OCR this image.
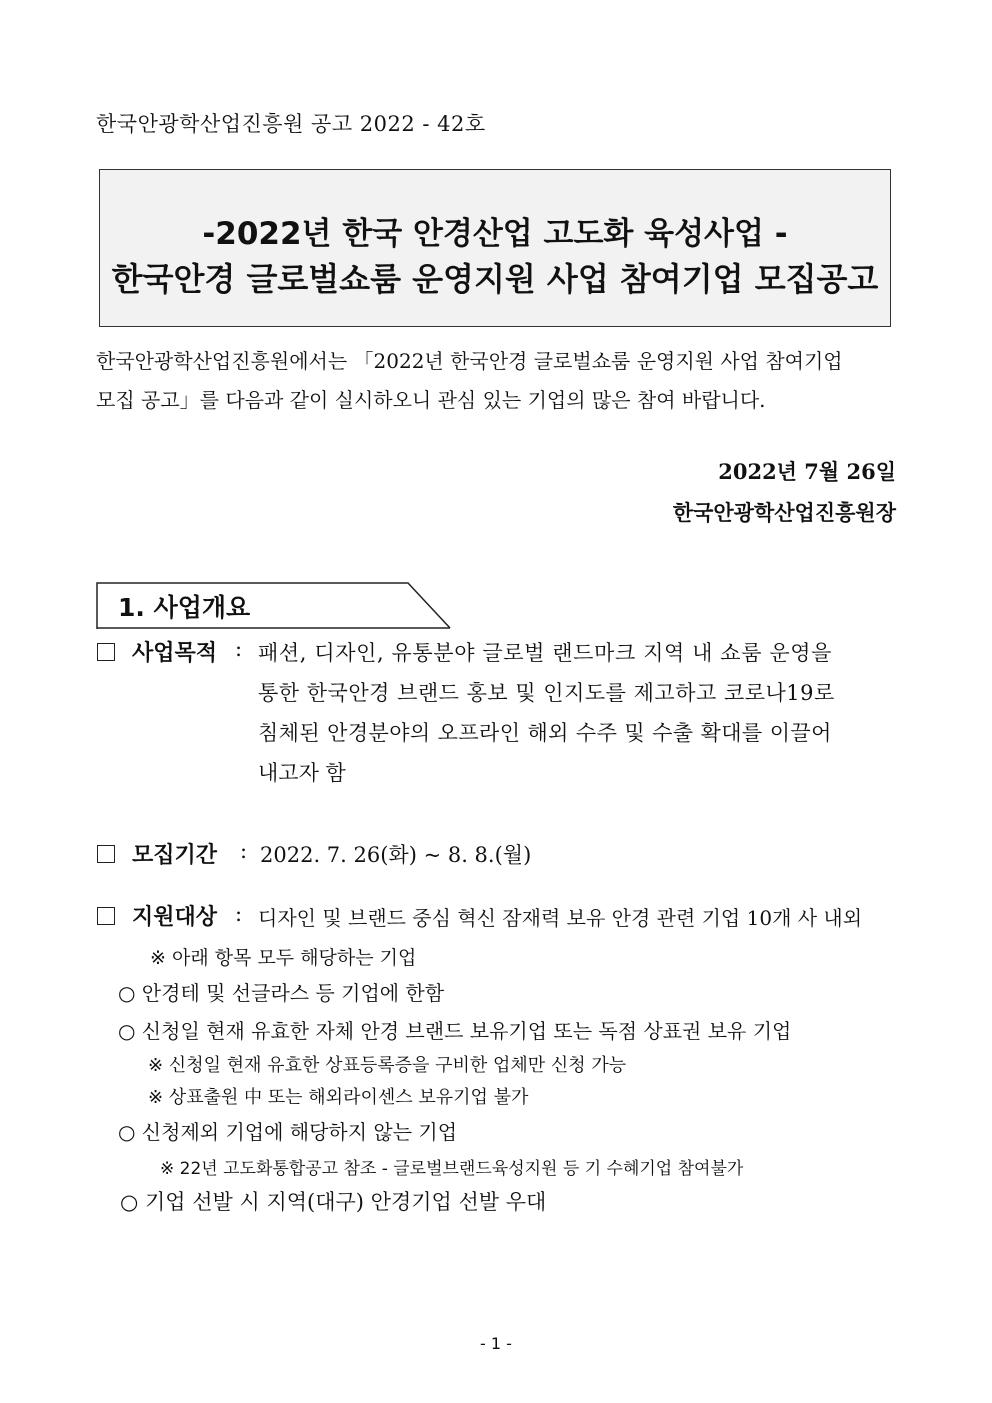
한국안광학산업진흥원 공고 2022 - 42호
-2022년 한국 안경산업 고도화 육성사업 -
한국안경 글로벌쇼룸 운영지원 사업 참여기업 모집공고
한국안광학산업진흥원에서는 「2022년 한국안경 글로벌쇼룸 운영지원 사업 참여기업
모집 공고」를 다음과 같이 실시하오니 관심 있는 기업의 많은 참여 바랍니다.
2022년 7월 26일
한국안광학산업진흥원장
1. 사업개요
사업목적 : 패션, 디자인, 유통분야 글로벌 랜드마크 지역 내 쇼룸 운영을
통한 한국안경 브랜드 홍보 및 인지도를 제고하고 코로나19로
침체된 안경분야의 오프라인 해외 수주 및 수출 확대를 이끌어
내고자 함
모집기간 : 2022. 7. 26(화) ~ 8. 8.(월)
지원대상 : 디자인 및 브랜드 중심 혁신 잠재력 보유 안경 관련 기업 10개 사 내외
※ 아래 항목 모두 해당하는 기업
○ 안경테 및 선글라스 등 기업에 한함
○ 신청일 현재 유효한 자체 안경 브랜드 보유기업 또는 독점 상표권 보유 기업
※ 신청일 현재 유효한 상표등록증을 구비한 업체만 신청 가능
※ 상표출원 中 또는 해외라이센스 보유기업 불가
○ 신청제외 기업에 해당하지 않는 기업
※ 22년 고도화통합공고 참조 - 글로벌브랜드육성지원 등 기 수혜기업 참여불가
○ 기업 선발 시 지역(대구) 안경기업 선발 우대
- 1 -
